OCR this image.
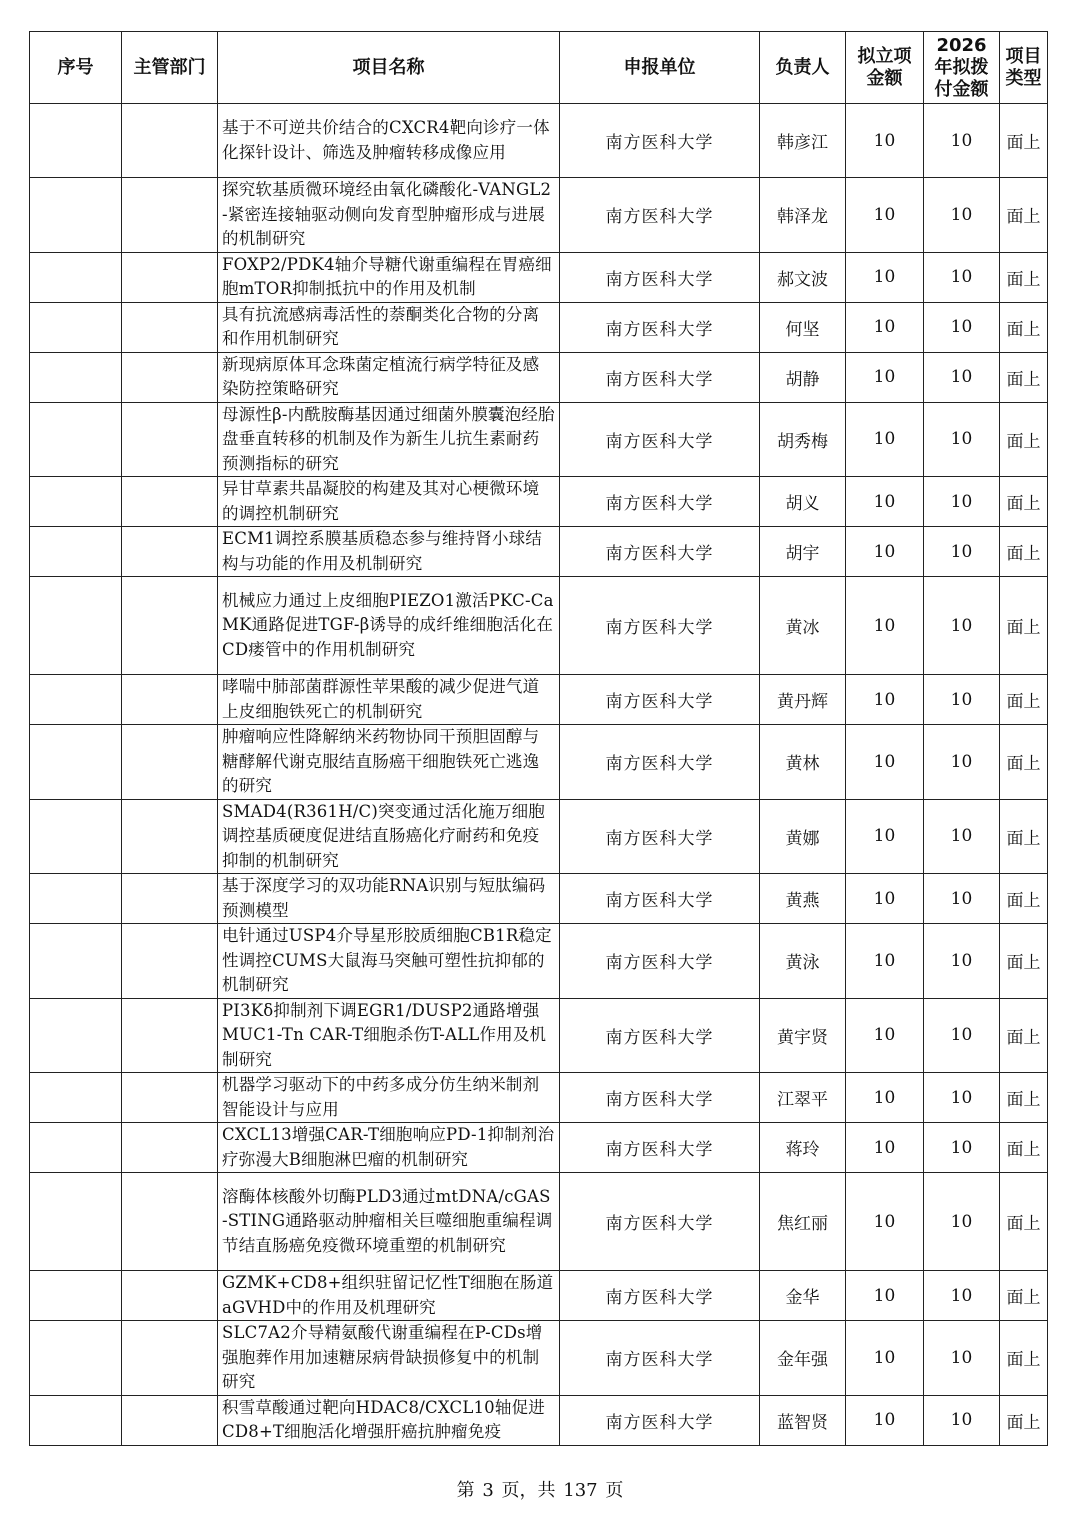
序号	主管部门	项目名称	申报单位	负责人	拟立项金额	2026年拟拨付金额	项目类型
		基于不可逆共价结合的CXCR4靶向诊疗一体化探针设计、筛选及肿瘤转移成像应用	南方医科大学	韩彦江	10	10	面上
		探究软基质微环境经由氧化磷酸化-VANGL2-紧密连接轴驱动侧向发育型肿瘤形成与进展的机制研究	南方医科大学	韩泽龙	10	10	面上
		FOXP2/PDK4轴介导糖代谢重编程在胃癌细胞mTOR抑制抵抗中的作用及机制	南方医科大学	郝文波	10	10	面上
		具有抗流感病毒活性的萘酮类化合物的分离和作用机制研究	南方医科大学	何坚	10	10	面上
		新现病原体耳念珠菌定植流行病学特征及感染防控策略研究	南方医科大学	胡静	10	10	面上
		母源性β-内酰胺酶基因通过细菌外膜囊泡经胎盘垂直转移的机制及作为新生儿抗生素耐药预测指标的研究	南方医科大学	胡秀梅	10	10	面上
		异甘草素共晶凝胶的构建及其对心梗微环境的调控机制研究	南方医科大学	胡义	10	10	面上
		ECM1调控系膜基质稳态参与维持肾小球结构与功能的作用及机制研究	南方医科大学	胡宇	10	10	面上
		机械应力通过上皮细胞PIEZO1激活PKC-CaMK通路促进TGF-β诱导的成纤维细胞活化在CD瘘管中的作用机制研究	南方医科大学	黄冰	10	10	面上
		哮喘中肺部菌群源性苹果酸的减少促进气道上皮细胞铁死亡的机制研究	南方医科大学	黄丹辉	10	10	面上
		肿瘤响应性降解纳米药物协同干预胆固醇与糖酵解代谢克服结直肠癌干细胞铁死亡逃逸的研究	南方医科大学	黄林	10	10	面上
		SMAD4(R361H/C)突变通过活化施万细胞调控基质硬度促进结直肠癌化疗耐药和免疫抑制的机制研究	南方医科大学	黄娜	10	10	面上
		基于深度学习的双功能RNA识别与短肽编码预测模型	南方医科大学	黄燕	10	10	面上
		电针通过USP4介导星形胶质细胞CB1R稳定性调控CUMS大鼠海马突触可塑性抗抑郁的机制研究	南方医科大学	黄泳	10	10	面上
		PI3Kδ抑制剂下调EGR1/DUSP2通路增强 MUC1-Tn CAR-T细胞杀伤T-ALL作用及机制研究	南方医科大学	黄宇贤	10	10	面上
		机器学习驱动下的中药多成分仿生纳米制剂智能设计与应用	南方医科大学	江翠平	10	10	面上
		CXCL13增强CAR-T细胞响应PD-1抑制剂治疗弥漫大B细胞淋巴瘤的机制研究	南方医科大学	蒋玲	10	10	面上
		溶酶体核酸外切酶PLD3通过mtDNA/cGAS-STING通路驱动肿瘤相关巨噬细胞重编程调节结直肠癌免疫微环境重塑的机制研究	南方医科大学	焦红丽	10	10	面上
		GZMK+CD8+组织驻留记忆性T细胞在肠道aGVHD中的作用及机理研究	南方医科大学	金华	10	10	面上
		SLC7A2介导精氨酸代谢重编程在P-CDs增强胞葬作用加速糖尿病骨缺损修复中的机制研究	南方医科大学	金年强	10	10	面上
		积雪草酸通过靶向HDAC8/CXCL10轴促进CD8+T细胞活化增强肝癌抗肿瘤免疫	南方医科大学	蓝智贤	10	10	面上
第 3 页，共 137 页
